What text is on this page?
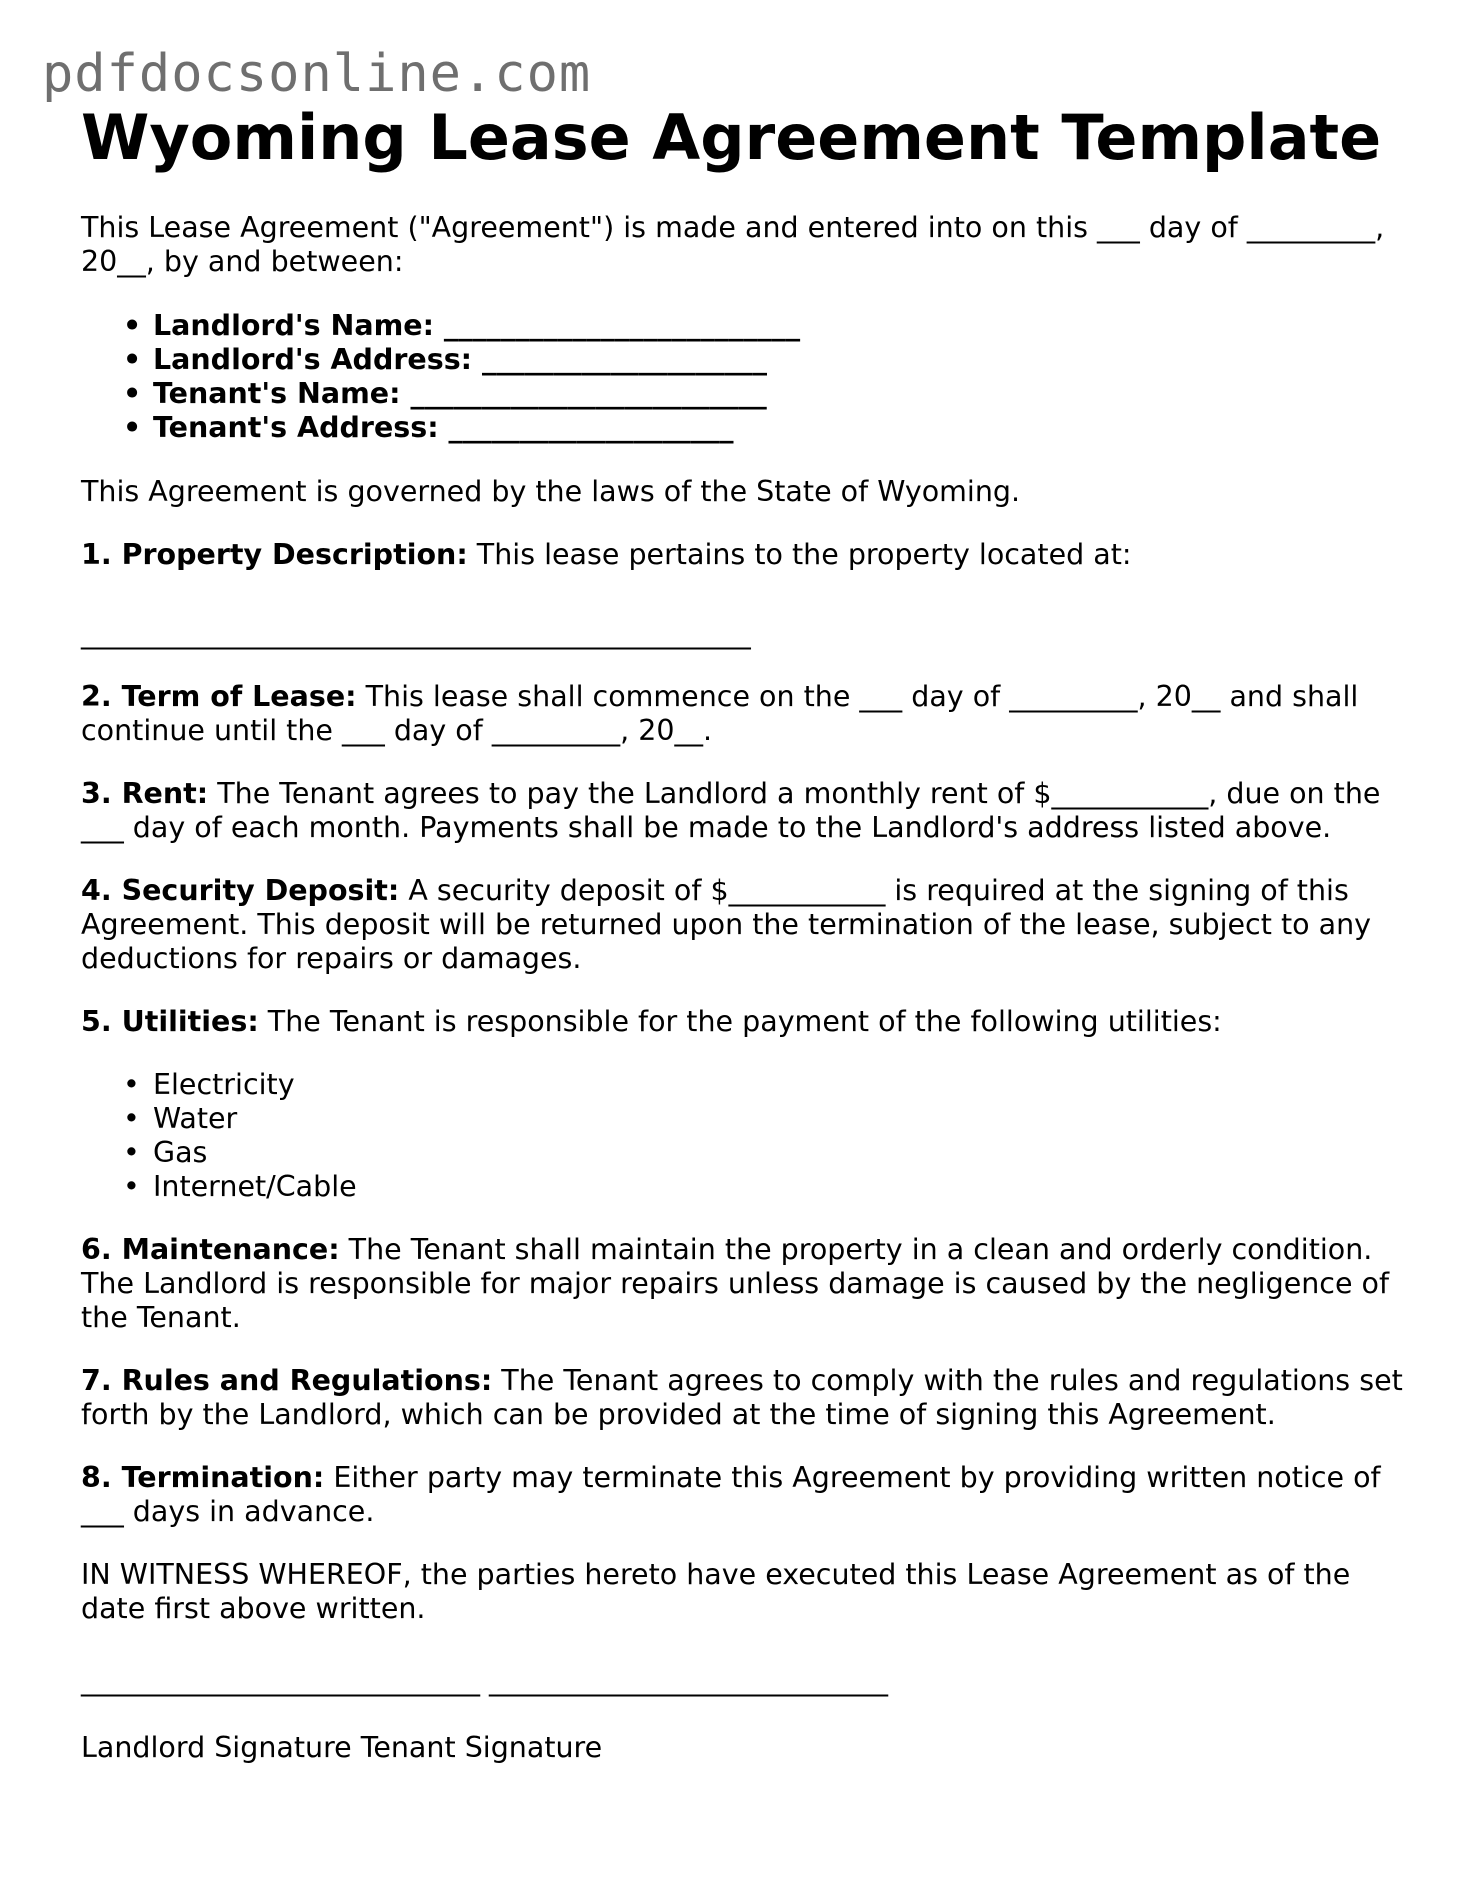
pdfdocsonline.com
Wyoming Lease Agreement Template

This Lease Agreement ("Agreement") is made and entered into on this ___ day of _________, 20__, by and between:

• Landlord's Name: _________________________
• Landlord's Address: ____________________
• Tenant's Name: _________________________
• Tenant's Address: ____________________

This Agreement is governed by the laws of the State of Wyoming.

1. Property Description: This lease pertains to the property located at:

_______________________________________________

2. Term of Lease: This lease shall commence on the ___ day of _________, 20__ and shall continue until the ___ day of _________, 20__.

3. Rent: The Tenant agrees to pay the Landlord a monthly rent of $___________, due on the ___ day of each month. Payments shall be made to the Landlord's address listed above.

4. Security Deposit: A security deposit of $___________ is required at the signing of this Agreement. This deposit will be returned upon the termination of the lease, subject to any deductions for repairs or damages.

5. Utilities: The Tenant is responsible for the payment of the following utilities:

• Electricity
• Water
• Gas
• Internet/Cable

6. Maintenance: The Tenant shall maintain the property in a clean and orderly condition. The Landlord is responsible for major repairs unless damage is caused by the negligence of the Tenant.

7. Rules and Regulations: The Tenant agrees to comply with the rules and regulations set forth by the Landlord, which can be provided at the time of signing this Agreement.

8. Termination: Either party may terminate this Agreement by providing written notice of ___ days in advance.

IN WITNESS WHEREOF, the parties hereto have executed this Lease Agreement as of the date first above written.

____________________________ ____________________________

Landlord Signature Tenant Signature
